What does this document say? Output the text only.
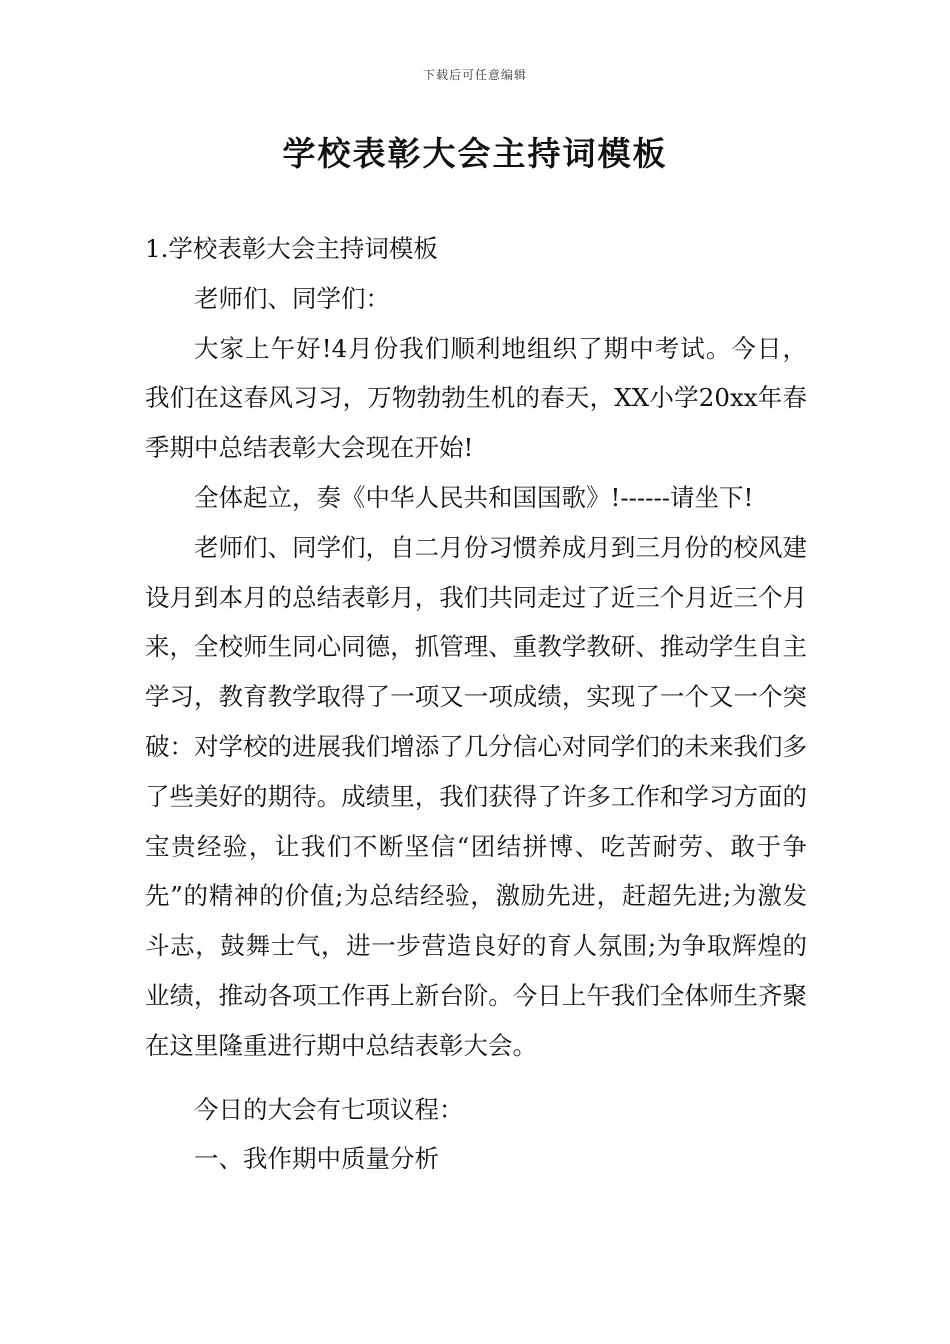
下载后可任意编辑
学校表彰大会主持词模板

1.学校表彰大会主持词模板

老师们、同学们：

大家上午好!4月份我们顺利地组织了期中考试。今日，我们在这春风习习，万物勃勃生机的春天，XX小学20xx年春季期中总结表彰大会现在开始!

全体起立，奏《中华人民共和国国歌》!------请坐下!

老师们、同学们，自二月份习惯养成月到三月份的校风建设月到本月的总结表彰月，我们共同走过了近三个月近三个月来，全校师生同心同德，抓管理、重教学教研、推动学生自主学习，教育教学取得了一项又一项成绩，实现了一个又一个突破：对学校的进展我们增添了几分信心对同学们的未来我们多了些美好的期待。成绩里，我们获得了许多工作和学习方面的宝贵经验，让我们不断坚信“团结拼博、吃苦耐劳、敢于争先”的精神的价值;为总结经验，激励先进，赶超先进;为激发斗志，鼓舞士气，进一步营造良好的育人氛围;为争取辉煌的业绩，推动各项工作再上新台阶。今日上午我们全体师生齐聚在这里隆重进行期中总结表彰大会。

今日的大会有七项议程：

一、我作期中质量分析
